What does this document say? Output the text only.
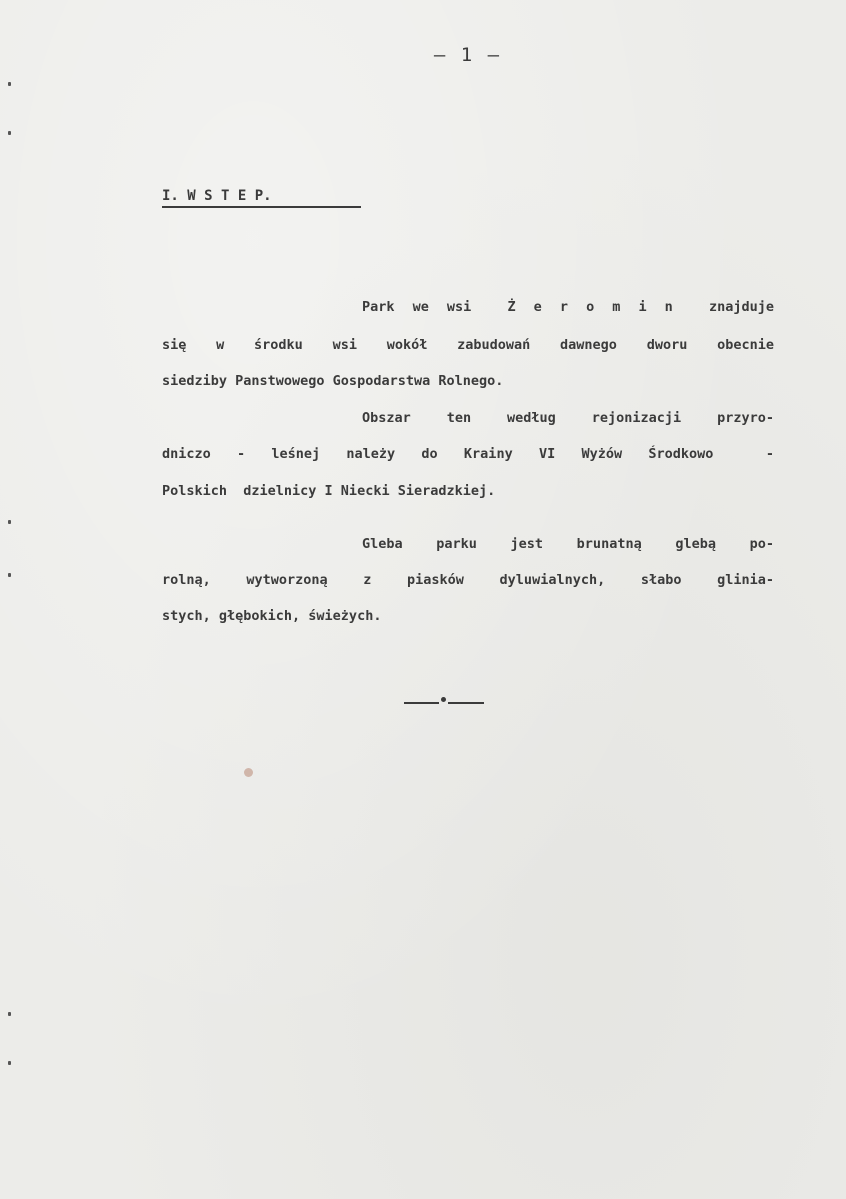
— 1 —
I. W S T E P.
Park we wsi  Ż e r o m i n  znajduje
się w środku wsi wokół zabudowań dawnego dworu obecnie
siedziby Panstwowego Gospodarstwa Rolnego.
Obszar ten według rejonizacji przyro-
dniczo - leśnej należy do Krainy VI Wyżów Środkowo  -
Polskich  dzielnicy I Niecki Sieradzkiej.
Gleba parku jest brunatną glebą po-
rolną, wytworzoną z piasków dyluwialnych, słabo glinia-
stych, głębokich, świeżych.
